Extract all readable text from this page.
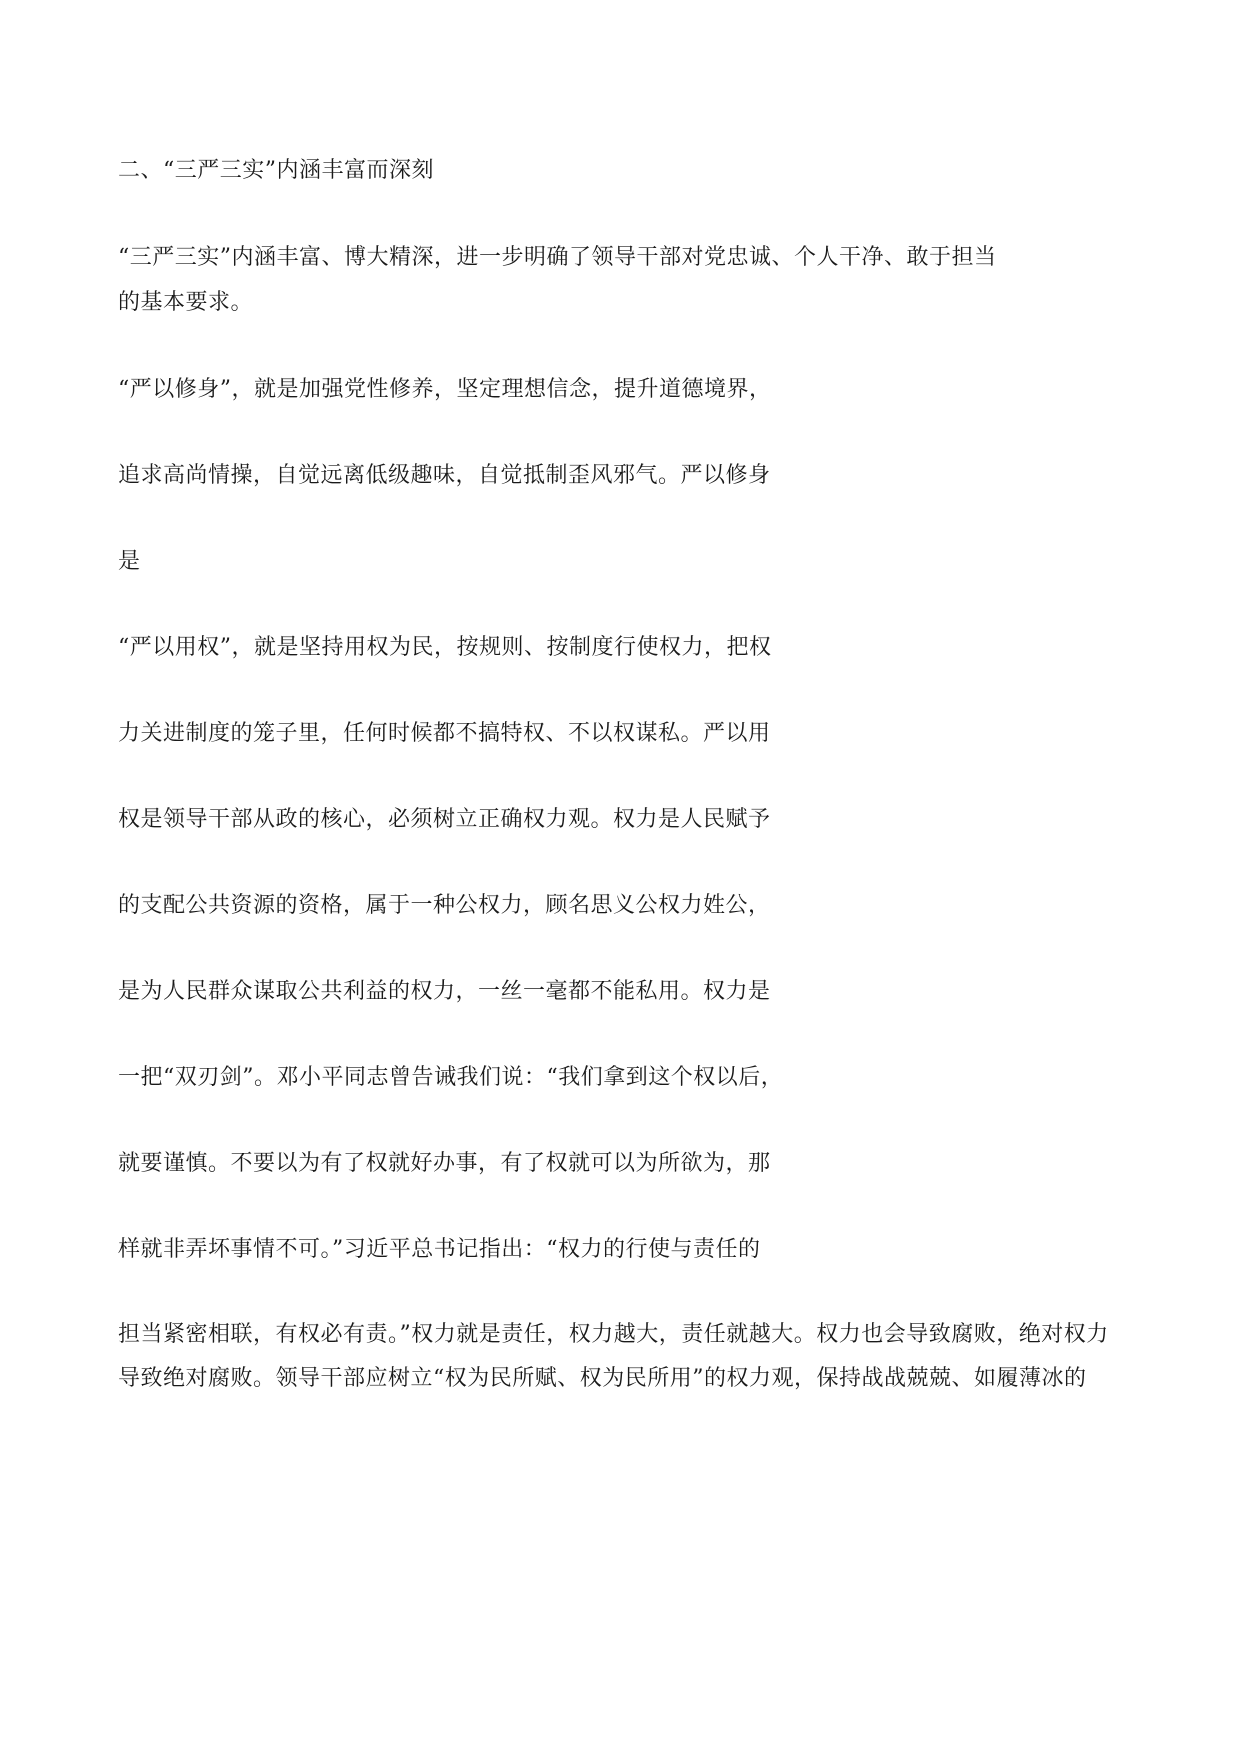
二、“三严三实”内涵丰富而深刻
“三严三实”内涵丰富、博大精深，进一步明确了领导干部对党忠诚、个人干净、敢于担当
的基本要求。
“严以修身”，就是加强党性修养，坚定理想信念，提升道德境界，
追求高尚情操，自觉远离低级趣味，自觉抵制歪风邪气。严以修身
是
“严以用权”，就是坚持用权为民，按规则、按制度行使权力，把权
力关进制度的笼子里，任何时候都不搞特权、不以权谋私。严以用
权是领导干部从政的核心，必须树立正确权力观。权力是人民赋予
的支配公共资源的资格，属于一种公权力，顾名思义公权力姓公，
是为人民群众谋取公共利益的权力，一丝一毫都不能私用。权力是
一把“双刃剑”。邓小平同志曾告诫我们说：“我们拿到这个权以后，
就要谨慎。不要以为有了权就好办事，有了权就可以为所欲为，那
样就非弄坏事情不可。”习近平总书记指出：“权力的行使与责任的
担当紧密相联，有权必有责。”权力就是责任，权力越大，责任就越大。权力也会导致腐败，绝对权力导致绝对腐败。领导干部应树立“权为民所赋、权为民所用”的权力观，保持战战兢兢、如履薄冰的
